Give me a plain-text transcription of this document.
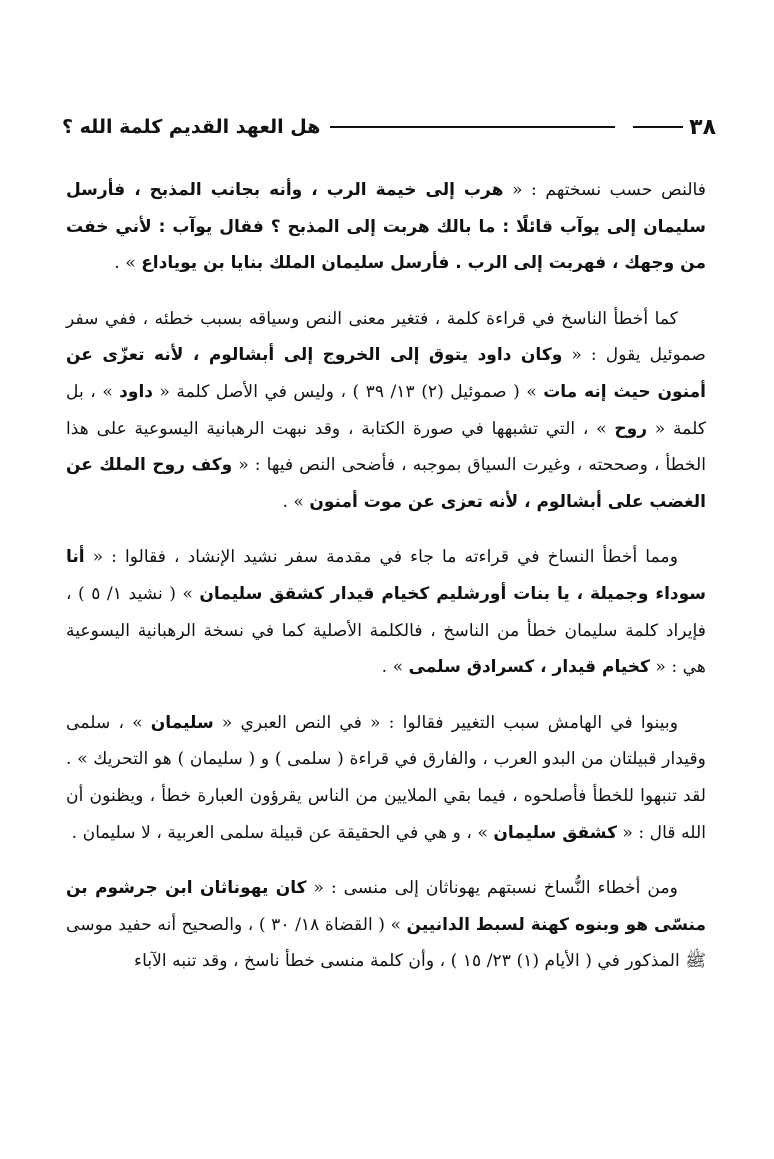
٣٨
هل العهد القديم كلمة الله ؟

فالنص حسب نسختهم : « هرب إلى خيمة الرب ، وأنه بجانب المذبح ، فأرسل سليمان إلى يوآب قائلًا : ما بالك هربت إلى المذبح ؟ فقال يوآب : لأني خفت من وجهك ، فهربت إلى الرب . فأرسل سليمان الملك بنايا بن يوياداع » .

كما أخطأ الناسخ في قراءة كلمة ، فتغير معنى النص وسياقه بسبب خطئه ، ففي سفر صموئيل يقول : « وكان داود يتوق إلى الخروج إلى أبشالوم ، لأنه تعزّى عن أمنون حيث إنه مات » ( صموئيل (٢) ١٣/ ٣٩ ) ، وليس في الأصل كلمة « داود » ، بل كلمة « روح » ، التي تشبهها في صورة الكتابة ، وقد نبهت الرهبانية اليسوعية على هذا الخطأ ، وصححته ، وغيرت السياق بموجبه ، فأضحى النص فيها : « وكف روح الملك عن الغضب على أبشالوم ، لأنه تعزى عن موت أمنون » .

ومما أخطأ النساخ في قراءته ما جاء في مقدمة سفر نشيد الإنشاد ، فقالوا : « أنا سوداء وجميلة ، يا بنات أورشليم كخيام قيدار كشقق سليمان » ( نشيد ١/ ٥ ) ، فإيراد كلمة سليمان خطأ من الناسخ ، فالكلمة الأصلية كما في نسخة الرهبانية اليسوعية هي : « كخيام قيدار ، كسرادق سلمى » .

وبينوا في الهامش سبب التغيير فقالوا : « في النص العبري « سليمان » ، سلمى وقيدار قبيلتان من البدو العرب ، والفارق في قراءة ( سلمى ) و ( سليمان ) هو التحريك » . لقد تنبهوا للخطأ فأصلحوه ، فيما بقي الملايين من الناس يقرؤون العبارة خطأ ، ويظنون أن الله قال : « كشقق سليمان » ، و هي في الحقيقة عن قبيلة سلمى العربية ، لا سليمان .

ومن أخطاء النُّساخ نسبتهم يهوناثان إلى منسى : « كان يهوناثان ابن جرشوم بن منسّى هو وبنوه كهنة لسبط الدانيين » ( القضاة ١٨/ ٣٠ ) ، والصحيح أنه حفيد موسى ﷺ المذكور في ( الأيام (١) ٢٣/ ١٥ ) ، وأن كلمة منسى خطأ ناسخ ، وقد تنبه الآباء
